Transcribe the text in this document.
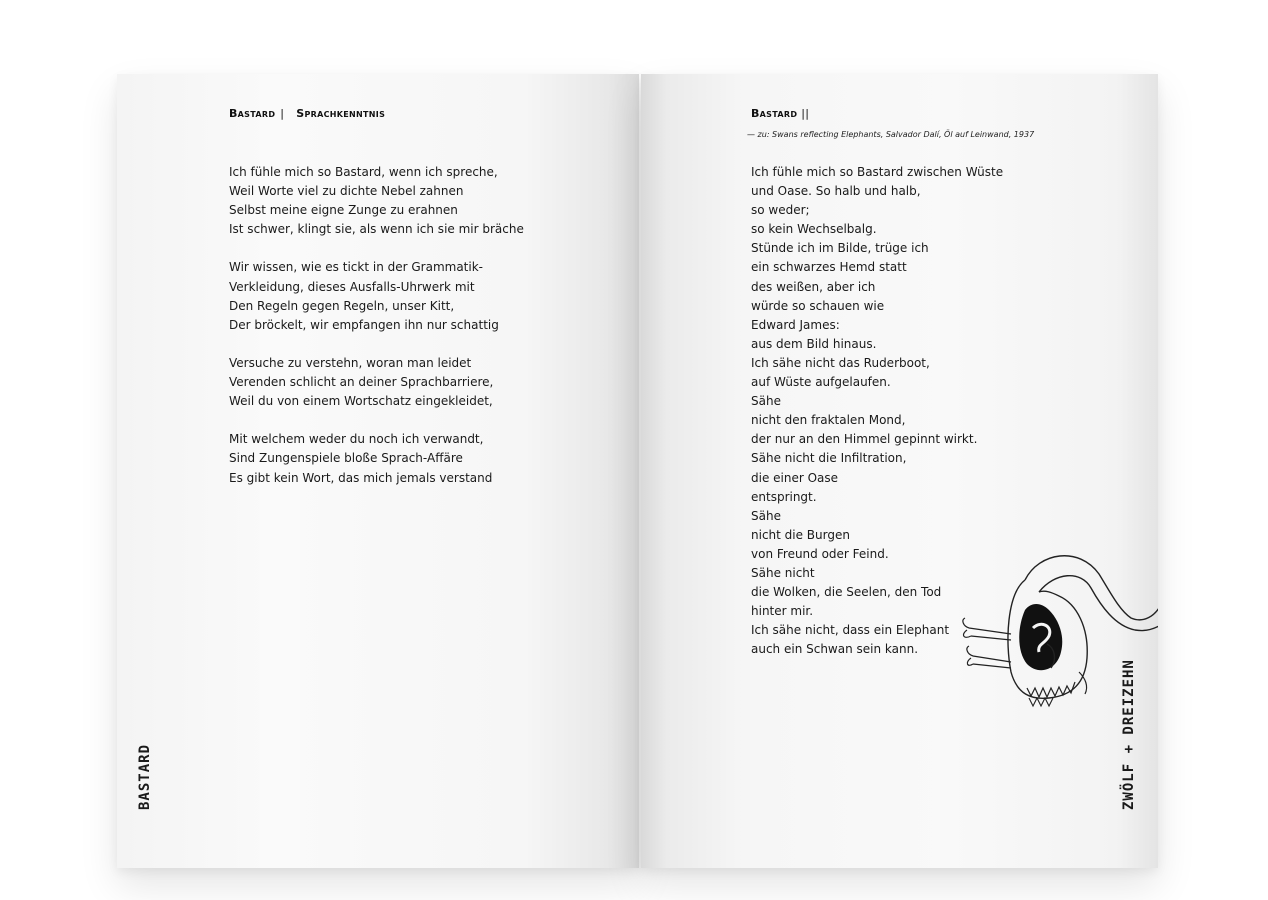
Bastard | Sprachkenntnis
Ich fühle mich so Bastard, wenn ich spreche,
Weil Worte viel zu dichte Nebel zahnen
Selbst meine eigne Zunge zu erahnen
Ist schwer, klingt sie, als wenn ich sie mir bräche
Wir wissen, wie es tickt in der Grammatik-
Verkleidung, dieses Ausfalls-Uhrwerk mit
Den Regeln gegen Regeln, unser Kitt,
Der bröckelt, wir empfangen ihn nur schattig
Versuche zu verstehn, woran man leidet
Verenden schlicht an deiner Sprachbarriere,
Weil du von einem Wortschatz eingekleidet,
Mit welchem weder du noch ich verwandt,
Sind Zungenspiele bloße Sprach-Affäre
Es gibt kein Wort, das mich jemals verstand
BASTARD
Bastard ||
— zu: Swans reflecting Elephants, Salvador Dalí, Öl auf Leinwand, 1937
Ich fühle mich so Bastard zwischen Wüste
und Oase. So halb und halb,
so weder;
so kein Wechselbalg.
Stünde ich im Bilde, trüge ich
ein schwarzes Hemd statt
des weißen, aber ich
würde so schauen wie
Edward James:
aus dem Bild hinaus.
Ich sähe nicht das Ruderboot,
auf Wüste aufgelaufen.
Sähe
nicht den fraktalen Mond,
der nur an den Himmel gepinnt wirkt.
Sähe nicht die Infiltration,
die einer Oase
entspringt.
Sähe
nicht die Burgen
von Freund oder Feind.
Sähe nicht
die Wolken, die Seelen, den Tod
hinter mir.
Ich sähe nicht, dass ein Elephant
auch ein Schwan sein kann.
ZWÖLF + DREIZEHN
